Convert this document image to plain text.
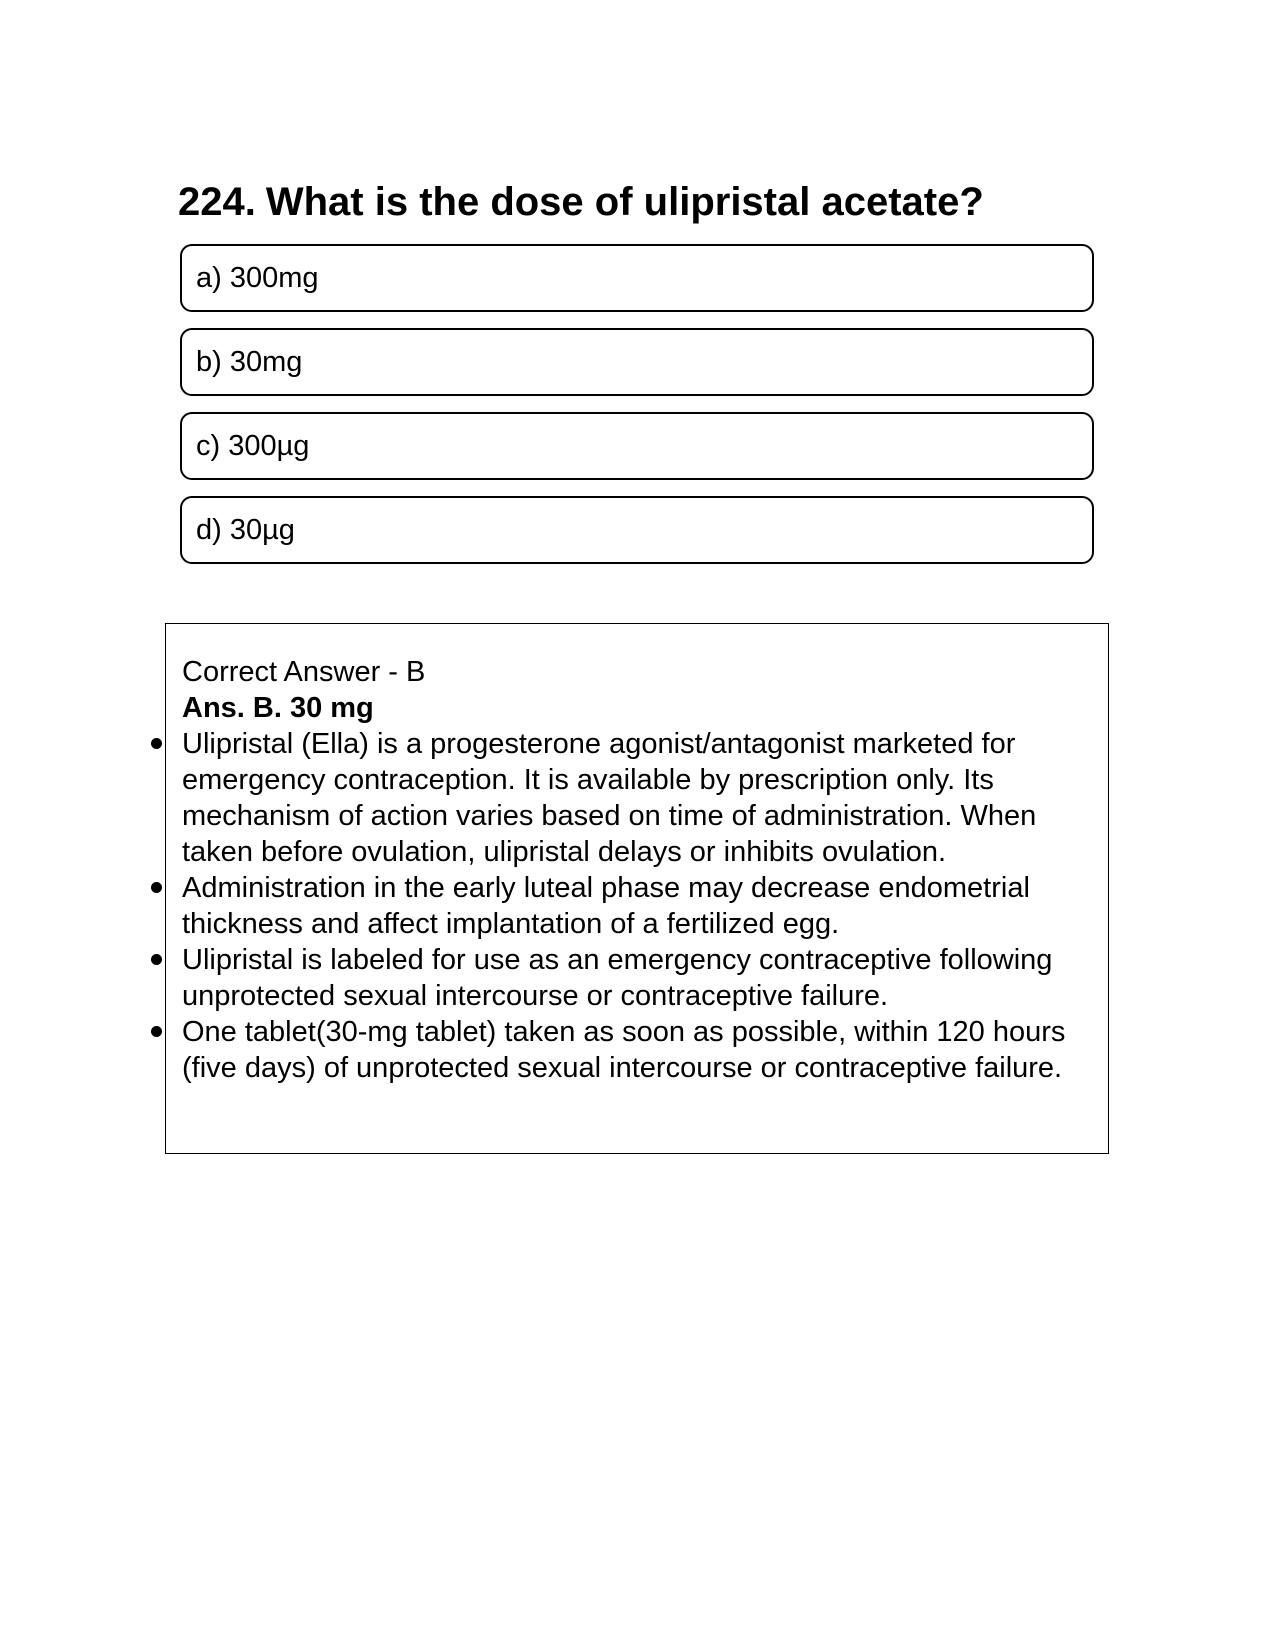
224. What is the dose of ulipristal acetate?
a) 300mg
b) 30mg
c) 300µg
d) 30µg
Correct Answer - B
Ans. B. 30 mg
Ulipristal (Ella) is a progesterone agonist/antagonist marketed for emergency contraception. It is available by prescription only. Its mechanism of action varies based on time of administration. When taken before ovulation, ulipristal delays or inhibits ovulation.
Administration in the early luteal phase may decrease endometrial thickness and affect implantation of a fertilized egg.
Ulipristal is labeled for use as an emergency contraceptive following unprotected sexual intercourse or contraceptive failure.
One tablet(30-mg tablet) taken as soon as possible, within 120 hours (five days) of unprotected sexual intercourse or contraceptive failure.
